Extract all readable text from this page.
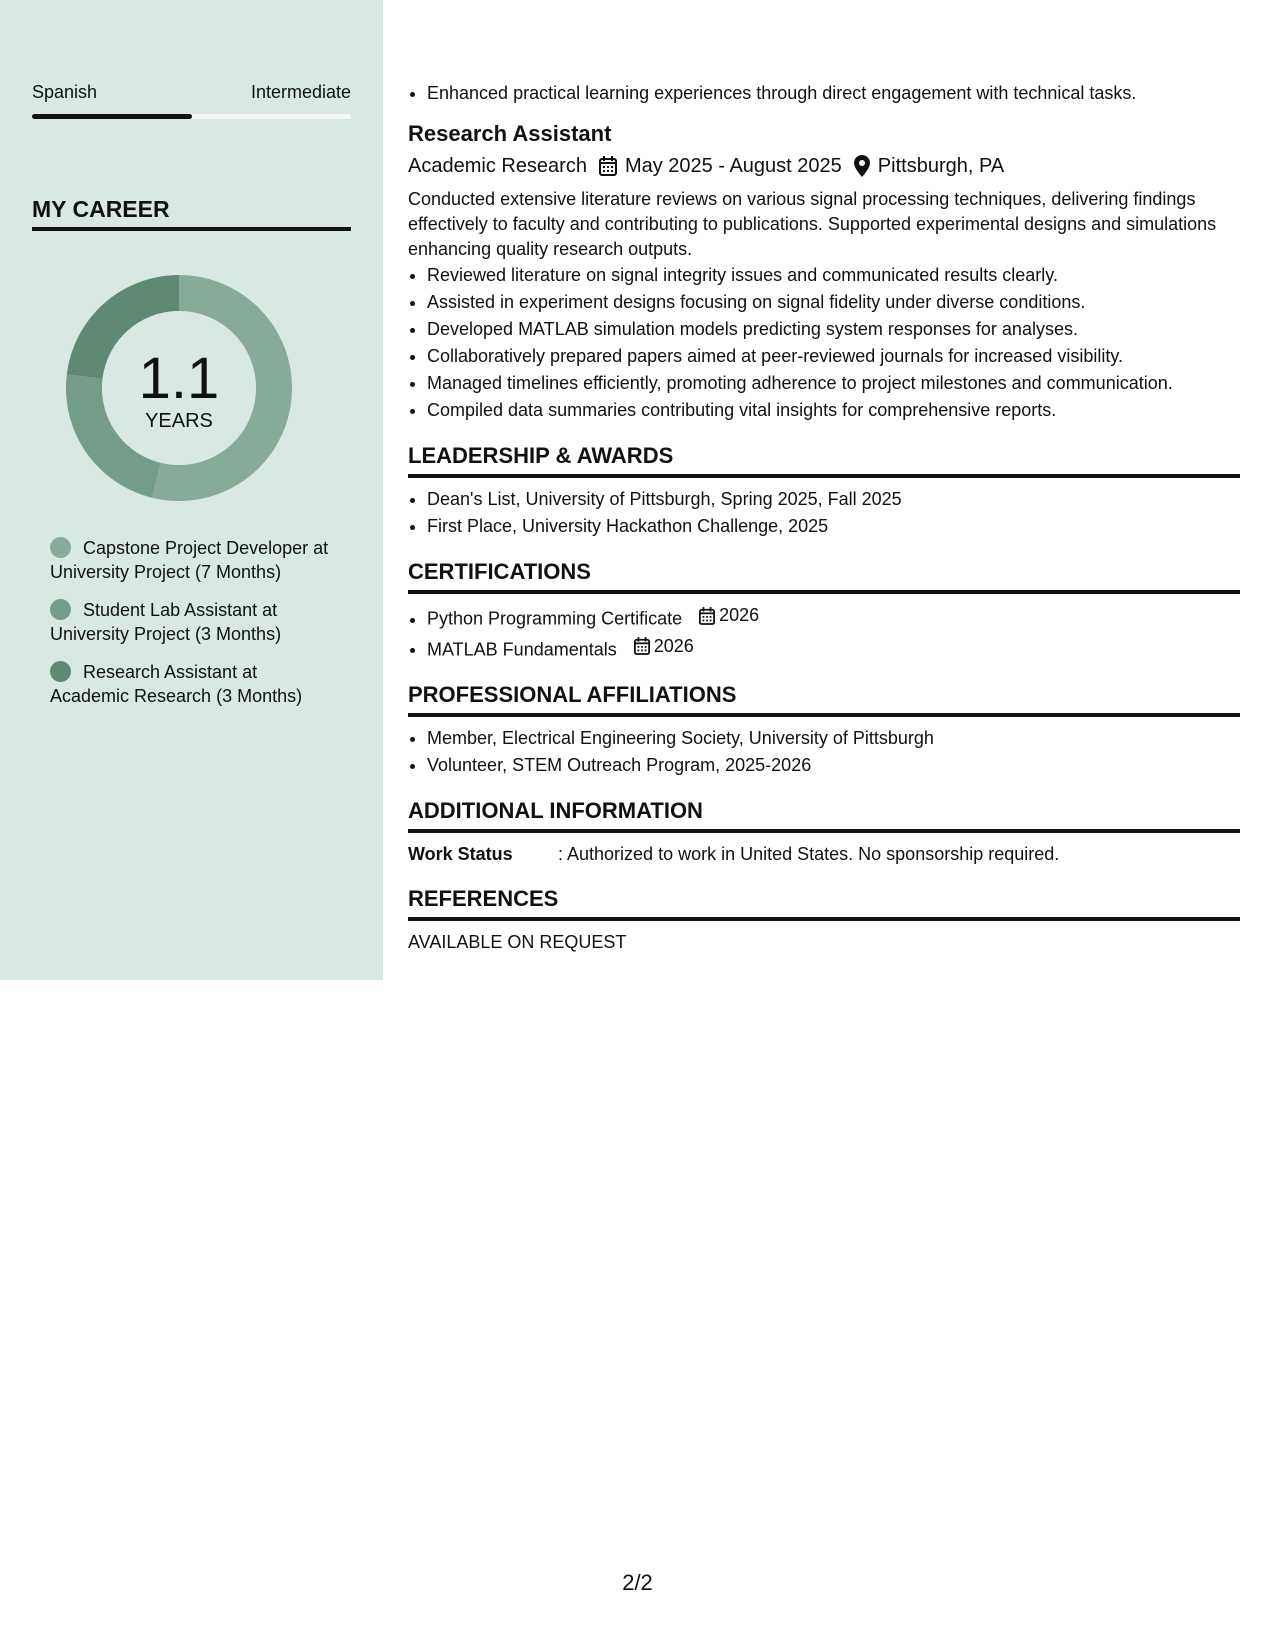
Spanish	Intermediate
MY CAREER
1.1
YEARS
Capstone Project Developer at University Project (7 Months)
Student Lab Assistant at University Project (3 Months)
Research Assistant at Academic Research (3 Months)
• Enhanced practical learning experiences through direct engagement with technical tasks.
Research Assistant
Academic Research May 2025 - August 2025 Pittsburgh, PA
Conducted extensive literature reviews on various signal processing techniques, delivering findings effectively to faculty and contributing to publications. Supported experimental designs and simulations enhancing quality research outputs.
• Reviewed literature on signal integrity issues and communicated results clearly.
• Assisted in experiment designs focusing on signal fidelity under diverse conditions.
• Developed MATLAB simulation models predicting system responses for analyses.
• Collaboratively prepared papers aimed at peer-reviewed journals for increased visibility.
• Managed timelines efficiently, promoting adherence to project milestones and communication.
• Compiled data summaries contributing vital insights for comprehensive reports.
LEADERSHIP & AWARDS
• Dean's List, University of Pittsburgh, Spring 2025, Fall 2025
• First Place, University Hackathon Challenge, 2025
CERTIFICATIONS
• Python Programming Certificate 2026
• MATLAB Fundamentals 2026
PROFESSIONAL AFFILIATIONS
• Member, Electrical Engineering Society, University of Pittsburgh
• Volunteer, STEM Outreach Program, 2025-2026
ADDITIONAL INFORMATION
Work Status	: Authorized to work in United States. No sponsorship required.
REFERENCES
AVAILABLE ON REQUEST
2/2
